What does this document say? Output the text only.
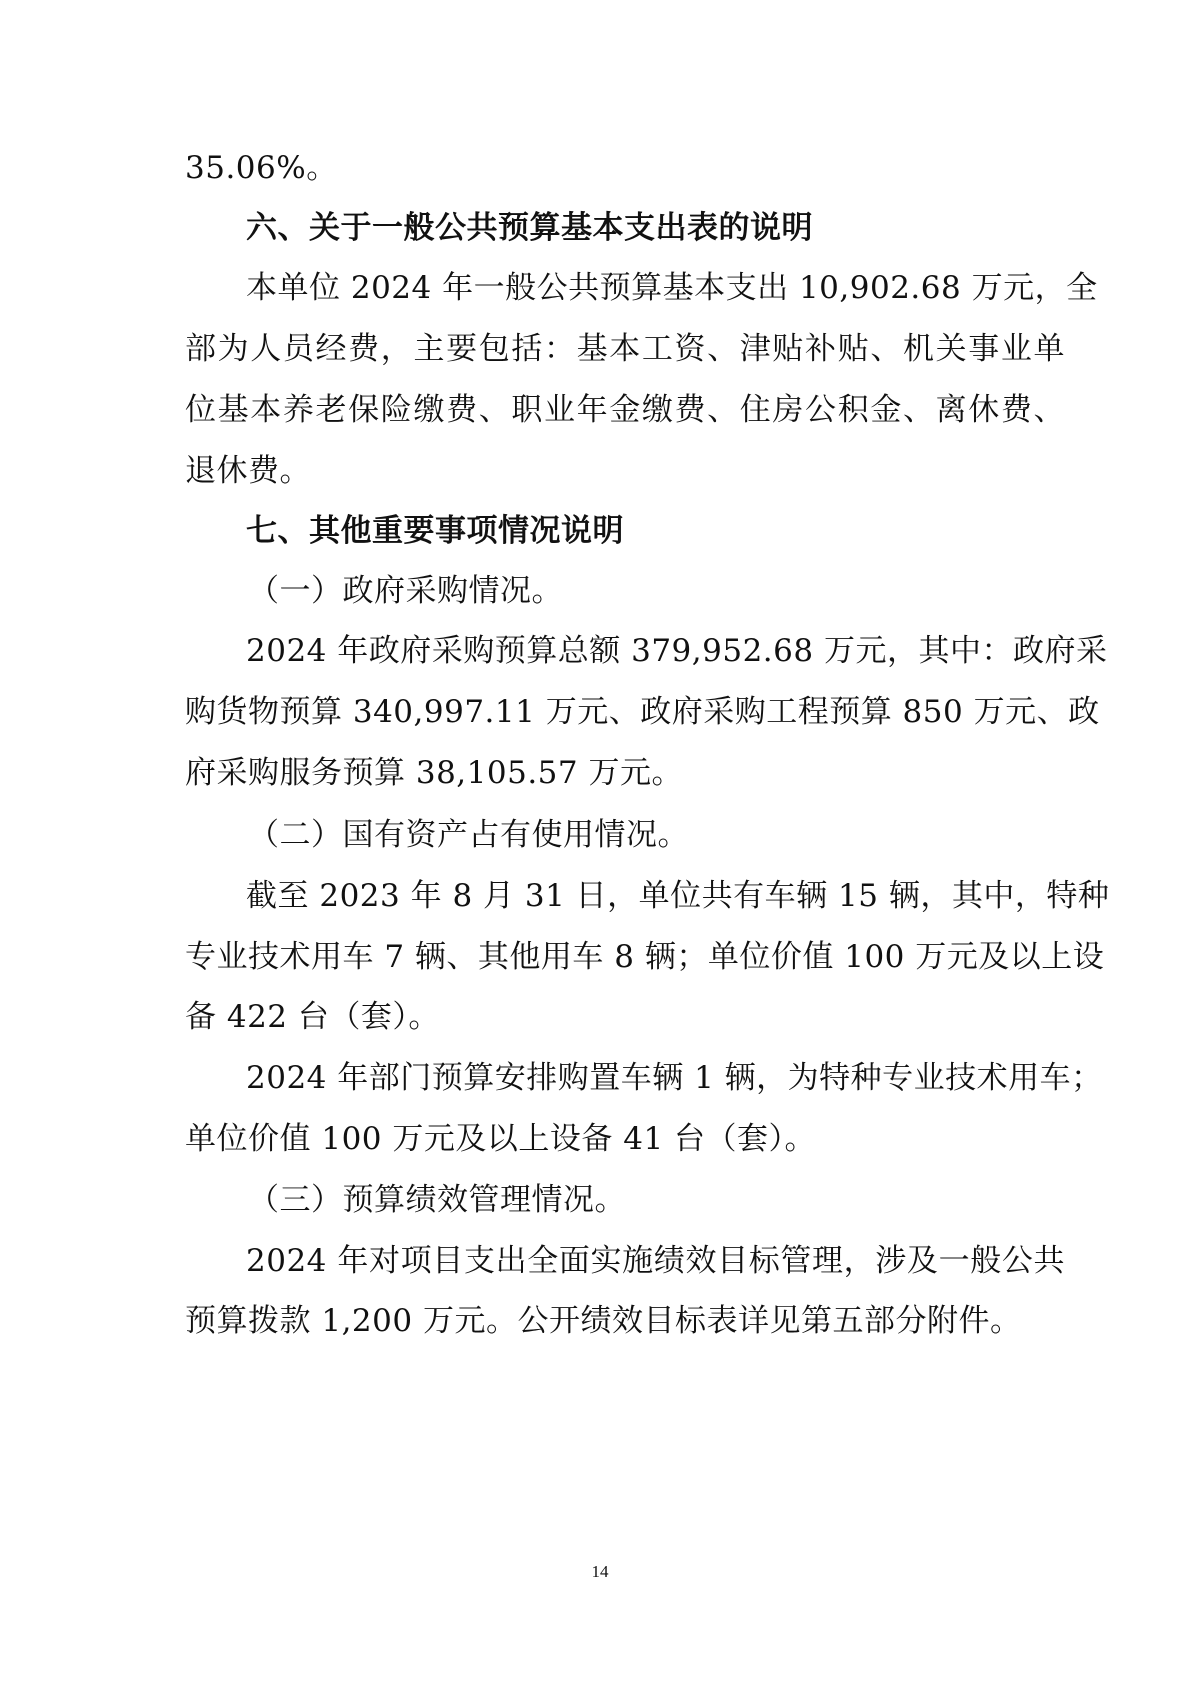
35.06%。
六、关于一般公共预算基本支出表的说明
本单位 2024 年一般公共预算基本支出 10,902.68 万元，全
部为人员经费，主要包括：基本工资、津贴补贴、机关事业单
位基本养老保险缴费、职业年金缴费、住房公积金、离休费、
退休费。
七、其他重要事项情况说明
（一）政府采购情况。
2024 年政府采购预算总额 379,952.68 万元，其中：政府采
购货物预算 340,997.11 万元、政府采购工程预算 850 万元、政
府采购服务预算 38,105.57 万元。
（二）国有资产占有使用情况。
截至 2023 年 8 月 31 日，单位共有车辆 15 辆，其中，特种
专业技术用车 7 辆、其他用车 8 辆；单位价值 100 万元及以上设
备 422 台（套）。
2024 年部门预算安排购置车辆 1 辆，为特种专业技术用车；
单位价值 100 万元及以上设备 41 台（套）。
（三）预算绩效管理情况。
2024 年对项目支出全面实施绩效目标管理，涉及一般公共
预算拨款 1,200 万元。公开绩效目标表详见第五部分附件。
14
